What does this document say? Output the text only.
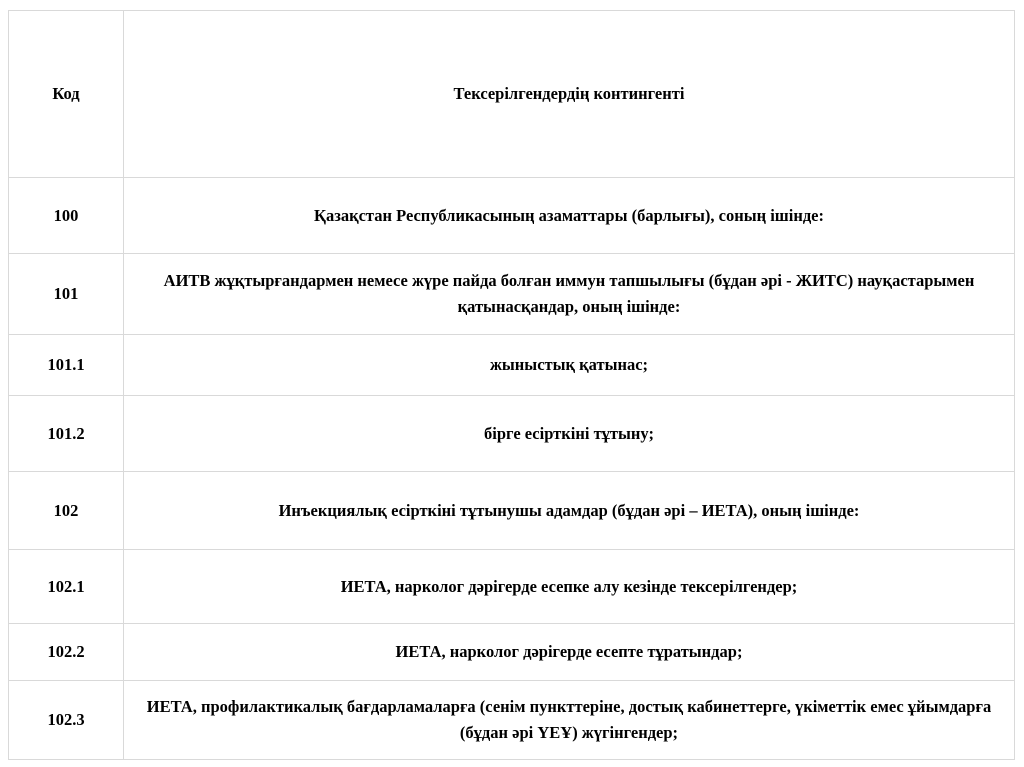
Код	Тексерілгендердің контингенті
100	Қазақстан Республикасының азаматтары (барлығы), соның ішінде:
101	АИТВ жұқтырғандармен немесе жүре пайда болған иммун тапшылығы (бұдан әрі - ЖИТС) науқастарымен қатынасқандар, оның ішінде:
101.1	жыныстық қатынас;
101.2	бірге есірткіні тұтыну;
102	Инъекциялық есірткіні тұтынушы адамдар (бұдан әрі – ИЕТА), оның ішінде:
102.1	ИЕТА, нарколог дәрігерде есепке алу кезінде тексерілгендер;
102.2	ИЕТА, нарколог дәрігерде есепте тұратындар;
102.3	ИЕТА, профилактикалық бағдарламаларға (сенім пункттеріне, достық кабинеттерге, үкіметтік емес ұйымдарға (бұдан әрі ҮЕҰ) жүгінгендер;
